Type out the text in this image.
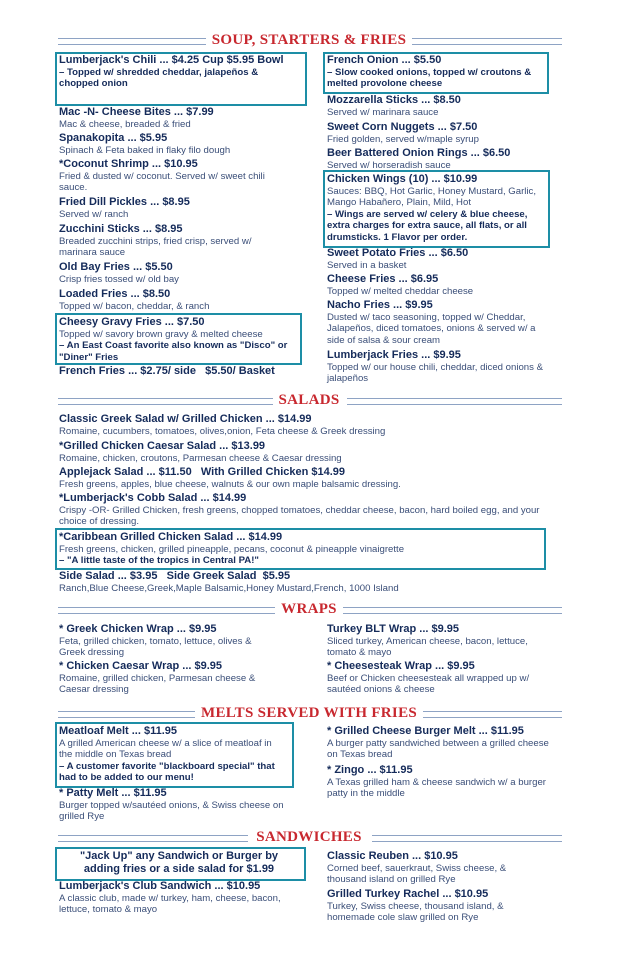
SOUP, STARTERS & FRIES
Lumberjack's Chili ... $4.25 Cup $5.95 Bowl
– Topped w/ shredded cheddar, jalapeños & chopped onion
Mac -N- Cheese Bites ... $7.99
Mac & cheese, breaded & fried
Spanakopita ... $5.95
Spinach & Feta baked in flaky filo dough
*Coconut Shrimp ... $10.95
Fried & dusted w/ coconut. Served w/ sweet chili sauce.
Fried Dill Pickles ... $8.95
Served w/ ranch
Zucchini Sticks ... $8.95
Breaded zucchini strips, fried crisp, served w/ marinara sauce
Old Bay Fries ... $5.50
Crisp fries tossed w/ old bay
Loaded Fries ... $8.50
Topped w/ bacon, cheddar, & ranch
Cheesy Gravy Fries ... $7.50
Topped w/ savory brown gravy & melted cheese
– An East Coast favorite also known as "Disco" or "Diner" Fries
French Fries ... $2.75/ side   $5.50/ Basket
French Onion ... $5.50
– Slow cooked onions, topped w/ croutons & melted provolone cheese
Mozzarella Sticks ... $8.50
Served w/ marinara sauce
Sweet Corn Nuggets ... $7.50
Fried golden, served w/maple syrup
Beer Battered Onion Rings ... $6.50
Served w/ horseradish sauce
Chicken Wings (10) ... $10.99
Sauces: BBQ, Hot Garlic, Honey Mustard, Garlic, Mango Habañero, Plain, Mild, Hot
– Wings are served w/ celery & blue cheese, extra charges for extra sauce, all flats, or all drumsticks. 1 Flavor per order.
Sweet Potato Fries ... $6.50
Served in a basket
Cheese Fries ... $6.95
Topped w/ melted cheddar cheese
Nacho Fries ... $9.95
Dusted w/ taco seasoning, topped w/ Cheddar, Jalapeños, diced tomatoes, onions & served w/ a side of salsa & sour cream
Lumberjack Fries ... $9.95
Topped w/ our house chili, cheddar, diced onions & jalapeños
SALADS
Classic Greek Salad w/ Grilled Chicken ... $14.99
Romaine, cucumbers, tomatoes, olives,onion, Feta cheese & Greek dressing
*Grilled Chicken Caesar Salad ... $13.99
Romaine, chicken, croutons, Parmesan cheese & Caesar dressing
Applejack Salad ... $11.50   With Grilled Chicken $14.99
Fresh greens, apples, blue cheese, walnuts & our own maple balsamic dressing.
*Lumberjack's Cobb Salad ... $14.99
Crispy -OR- Grilled Chicken, fresh greens, chopped tomatoes, cheddar cheese, bacon, hard boiled egg, and your choice of dressing.
*Caribbean Grilled Chicken Salad ... $14.99
Fresh greens, chicken, grilled pineapple, pecans, coconut & pineapple vinaigrette
– "A little taste of the tropics in Central PA!"
Side Salad ... $3.95   Side Greek Salad  $5.95
Ranch,Blue Cheese,Greek,Maple Balsamic,Honey Mustard,French, 1000 Island
WRAPS
* Greek Chicken Wrap ... $9.95
Feta, grilled chicken, tomato, lettuce, olives & Greek dressing
* Chicken Caesar Wrap ... $9.95
Romaine, grilled chicken, Parmesan cheese & Caesar dressing
Turkey BLT Wrap ... $9.95
Sliced turkey, American cheese, bacon, lettuce, tomato & mayo
* Cheesesteak Wrap ... $9.95
Beef or Chicken cheesesteak all wrapped up w/ sautéed onions & cheese
MELTS SERVED WITH FRIES
Meatloaf Melt ... $11.95
A grilled American cheese w/ a slice of meatloaf in the middle on Texas bread
– A customer favorite "blackboard special" that had to be added to our menu!
* Patty Melt ... $11.95
Burger topped w/sautéed onions, & Swiss cheese on grilled Rye
* Grilled Cheese Burger Melt ... $11.95
A burger patty sandwiched between a grilled cheese on Texas bread
* Zingo ... $11.95
A Texas grilled ham & cheese sandwich w/ a burger patty in the middle
SANDWICHES
"Jack Up" any Sandwich or Burger by adding fries or a side salad for $1.99
Lumberjack's Club Sandwich ... $10.95
A classic club, made w/ turkey, ham, cheese, bacon, lettuce, tomato & mayo
Classic Reuben ... $10.95
Corned beef, sauerkraut, Swiss cheese, & thousand island on grilled Rye
Grilled Turkey Rachel ... $10.95
Turkey, Swiss cheese, thousand island, & homemade cole slaw grilled on Rye
